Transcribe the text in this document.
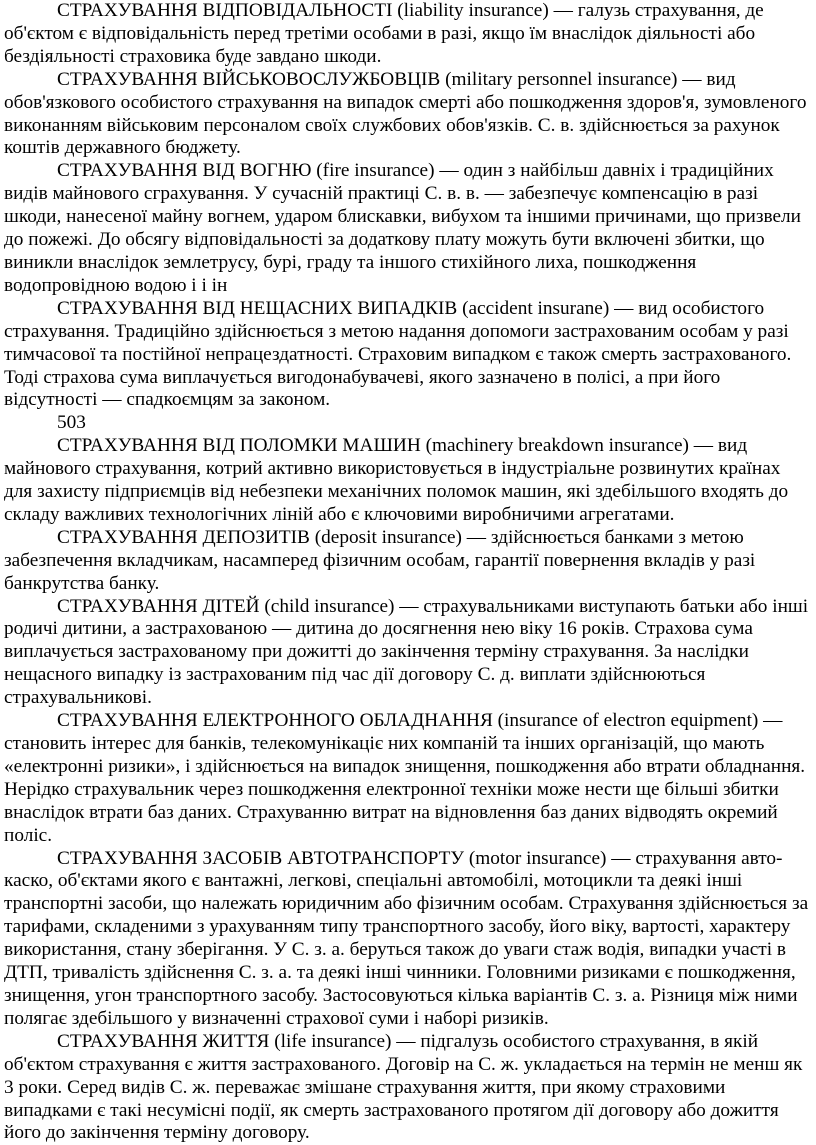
СТРАХУВАННЯ ВІДПОВІДАЛЬНОСТІ (liability insurance) — галузь страхування, де об'єктом є відповідальність перед третіми особами в разі, якщо їм внаслідок діяльності або бездіяльності страховика буде завдано шкоди.

СТРАХУВАННЯ ВІЙСЬКОВОСЛУЖБОВЦІВ (military personnel insurance) — вид обов'язкового особистого страхування на випадок смерті або пошкодження здоров'я, зумовленого виконанням військовим персоналом своїх службових обов'язків. С. в. здійснюється за рахунок коштів державного бюджету.

СТРАХУВАННЯ ВІД ВОГНЮ (fire insurance) — один з найбільш давніх і традиційних видів майнового сграхування. У сучасній практиці С. в. в. — забезпечує компенсацію в разі шкоди, нанесеної майну вогнем, ударом блискавки, вибухом та іншими причинами, що призвели до пожежі. До обсягу відповідальності за додаткову плату можуть бути включені збитки, що виникли внаслідок землетрусу, бурі, граду та іншого стихійного лиха, пошкодження водопровідною водою і і ін

СТРАХУВАННЯ ВІД НЕЩАСНИХ ВИПАДКІВ (accident insurane) — вид особистого страхування. Традиційно здійснюється з метою надання допомоги застрахованим особам у разі тимчасової та постійної непрацездатності. Страховим випадком є також смерть застрахованого. Тоді страхова сума виплачується вигодонабувачеві, якого зазначено в полісі, а при його відсутності — спадкоємцям за законом.

503

СТРАХУВАННЯ ВІД ПОЛОМКИ МАШИН (machinery breakdown insurance) — вид майнового страхування, котрий активно використовується в індустріальне розвинутих країнах для захисту підприємців від небезпеки механічних поломок машин, які здебільшого входять до складу важливих технологічних ліній або є ключовими виробничими агрегатами.

СТРАХУВАННЯ ДЕПОЗИТІВ (deposit insurance) — здійснюється банками з метою забезпечення вкладчикам, насамперед фізичним особам, гарантії повернення вкладів у разі банкрутства банку.

СТРАХУВАННЯ ДІТЕЙ (child insurance) — страхувальниками виступають батьки або інші родичі дитини, а застрахованою — дитина до досягнення нею віку 16 років. Страхова сума виплачується застрахованому при дожитті до закінчення терміну страхування. За наслідки нещасного випадку із застрахованим під час дії договору С. д. виплати здійснюються страхувальникові.

СТРАХУВАННЯ ЕЛЕКТРОННОГО ОБЛАДНАННЯ (insurance of electron equipment) — становить інтерес для банків, телекомунікаціє них компаній та інших організацій, що мають «електронні ризики», і здійснюється на випадок знищення, пошкодження або втрати обладнання. Нерідко страхувальник через пошкодження електронної техніки може нести ще більші збитки внаслідок втрати баз даних. Страхуванню витрат на відновлення баз даних відводять окремий поліс.

СТРАХУВАННЯ ЗАСОБІВ АВТОТРАНСПОРТУ (motor insurance) — страхування авто-каско, об'єктами якого є вантажні, легкові, спеціальні автомобілі, мотоцикли та деякі інші транспортні засоби, що належать юридичним або фізичним особам. Страхування здійснюється за тарифами, складеними з урахуванням типу транспортного засобу, його віку, вартості, характеру використання, стану зберігання. У С. з. а. беруться також до уваги стаж водія, випадки участі в ДТП, тривалість здійснення С. з. а. та деякі інші чинники. Головними ризиками є пошкодження, знищення, угон транспортного засобу. Застосовуються кілька варіантів С. з. а. Різниця між ними полягає здебільшого у визначенні страхової суми і наборі ризиків.

СТРАХУВАННЯ ЖИТТЯ (life insurance) — підгалузь особистого страхування, в якій об'єктом страхування є життя застрахованого. Договір на С. ж. укладається на термін не менш як 3 роки. Серед видів С. ж. переважає змішане страхування життя, при якому страховими випадками є такі несумісні події, як смерть застрахованого протягом дії договору або дожиття його до закінчення терміну договору.
